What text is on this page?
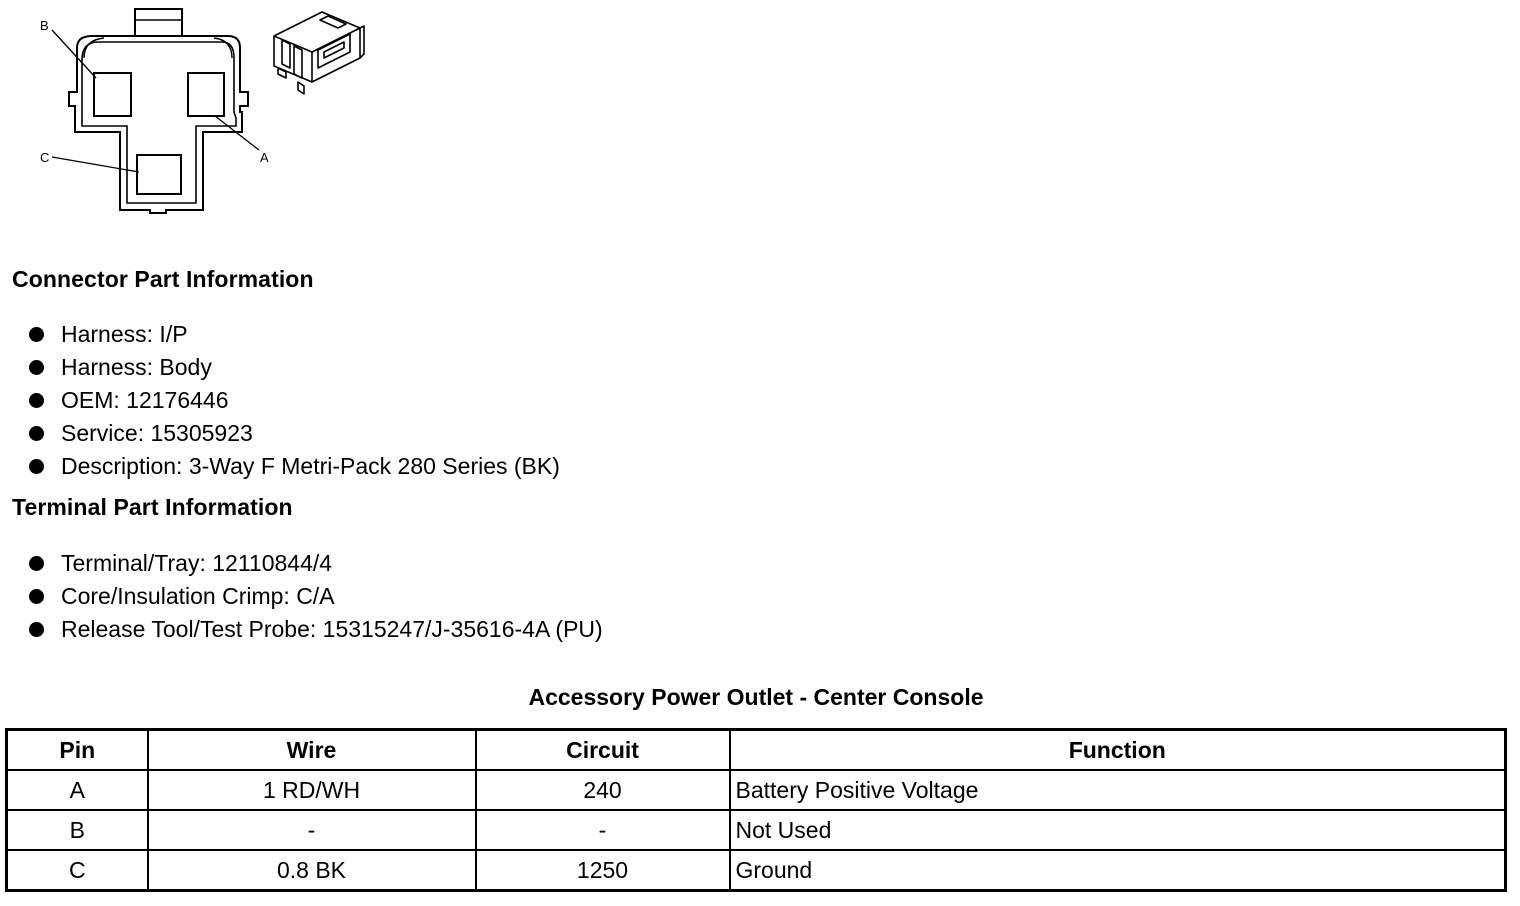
B
A
C
Connector Part Information
Harness: I/P
Harness: Body
OEM: 12176446
Service: 15305923
Description: 3-Way F Metri-Pack 280 Series (BK)
Terminal Part Information
Terminal/Tray: 12110844/4
Core/Insulation Crimp: C/A
Release Tool/Test Probe: 15315247/J-35616-4A (PU)
Accessory Power Outlet - Center Console
Pin	Wire	Circuit	Function
A	1 RD/WH	240	Battery Positive Voltage
B	-	-	Not Used
C	0.8 BK	1250	Ground
